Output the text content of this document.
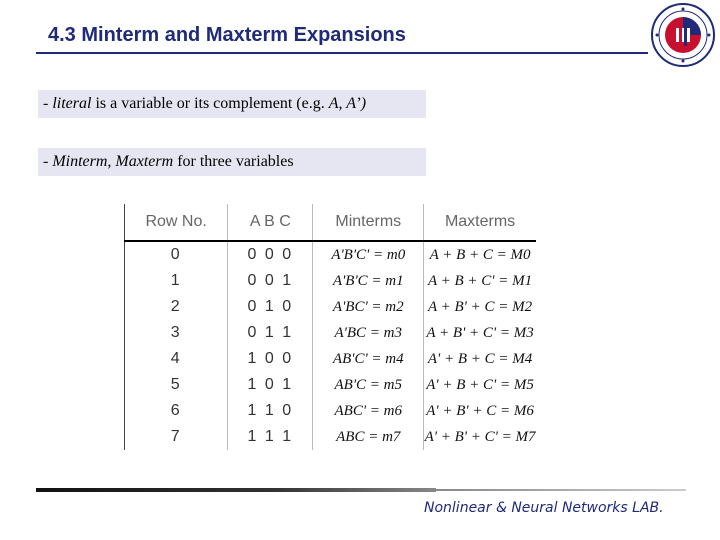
4.3 Minterm and Maxterm Expansions
- literal is a variable or its complement (e.g. A, A’)
- Minterm, Maxterm for three variables
Row No.	A B C	Minterms	Maxterms
0	0 0 0	A'B'C' = m0	A + B + C = M0
1	0 0 1	A'B'C = m1	A + B + C' = M1
2	0 1 0	A'BC' = m2	A + B' + C = M2
3	0 1 1	A'BC = m3	A + B' + C' = M3
4	1 0 0	AB'C' = m4	A' + B + C = M4
5	1 0 1	AB'C = m5	A' + B + C' = M5
6	1 1 0	ABC' = m6	A' + B' + C = M6
7	1 1 1	ABC = m7	A' + B' + C' = M7
Nonlinear & Neural Networks LAB.
